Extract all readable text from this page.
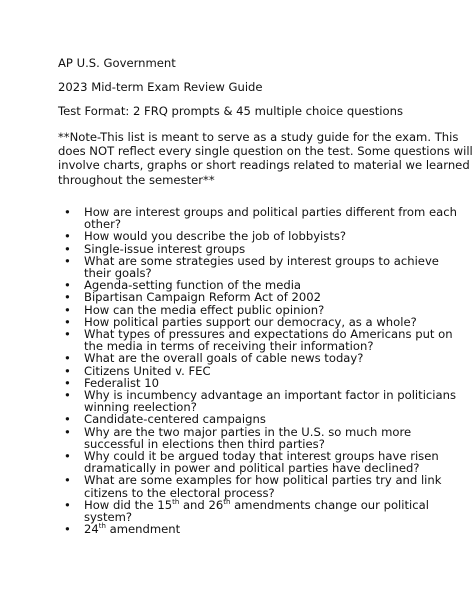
AP U.S. Government
2023 Mid-term Exam Review Guide
Test Format: 2 FRQ prompts & 45 multiple choice questions
**Note-This list is meant to serve as a study guide for the exam. This
does NOT reflect every single question on the test. Some questions will
involve charts, graphs or short readings related to material we learned
throughout the semester**
• How are interest groups and political parties different from each
other?
• How would you describe the job of lobbyists?
• Single-issue interest groups
• What are some strategies used by interest groups to achieve
their goals?
• Agenda-setting function of the media
• Bipartisan Campaign Reform Act of 2002
• How can the media effect public opinion?
• How political parties support our democracy, as a whole?
• What types of pressures and expectations do Americans put on
the media in terms of receiving their information?
• What are the overall goals of cable news today?
• Citizens United v. FEC
• Federalist 10
• Why is incumbency advantage an important factor in politicians
winning reelection?
• Candidate-centered campaigns
• Why are the two major parties in the U.S. so much more
successful in elections then third parties?
• Why could it be argued today that interest groups have risen
dramatically in power and political parties have declined?
• What are some examples for how political parties try and link
citizens to the electoral process?
• How did the 15th and 26th amendments change our political
system?
• 24th amendment
